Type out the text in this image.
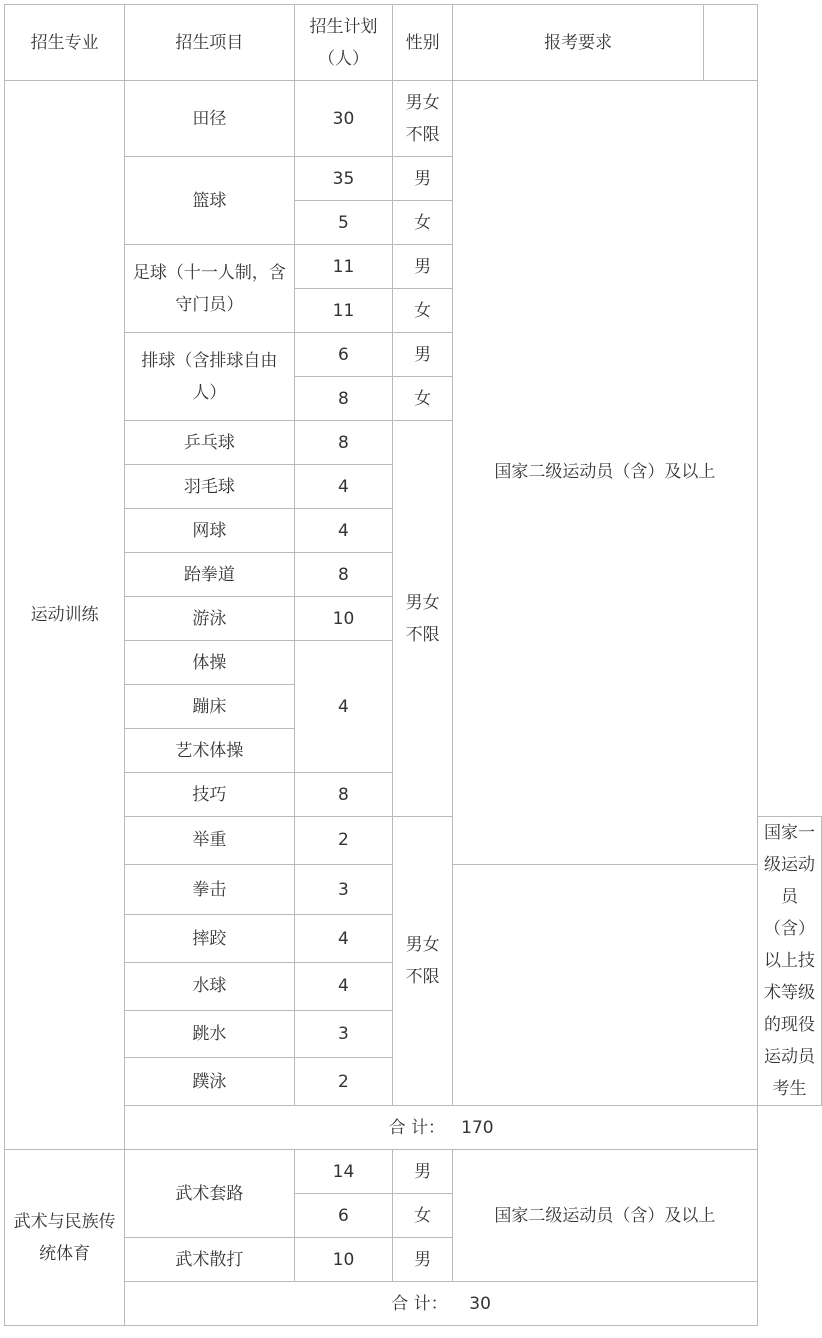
招生专业	招生项目	招生计划（人）	性别	报考要求		
运动训练	田径	30	男女不限	国家二级运动员（含）及以上		
	篮球	35	男			
		5	女			
	足球（十一人制，含守门员）	11	男			
		11	女			
	排球（含排球自由人）	6	男			
		8	女			
	乒乓球	8	男女不限			
	羽毛球	4				
	网球	4				
	跆拳道	8				
	游泳	10				
	体操	4				
	蹦床					
	艺术体操					
	技巧	8				
	举重	2	男女不限			国家一级运动员（含）以上技术等级的现役运动员考生
	拳击	3				
	摔跤	4				
	水球	4				
	跳水	3				
	蹼泳	2				
	合 计：   170					
武术与民族传统体育	武术套路	14	男	国家二级运动员（含）及以上		
		6	女			
	武术散打	10	男			
	合 计：    30					
